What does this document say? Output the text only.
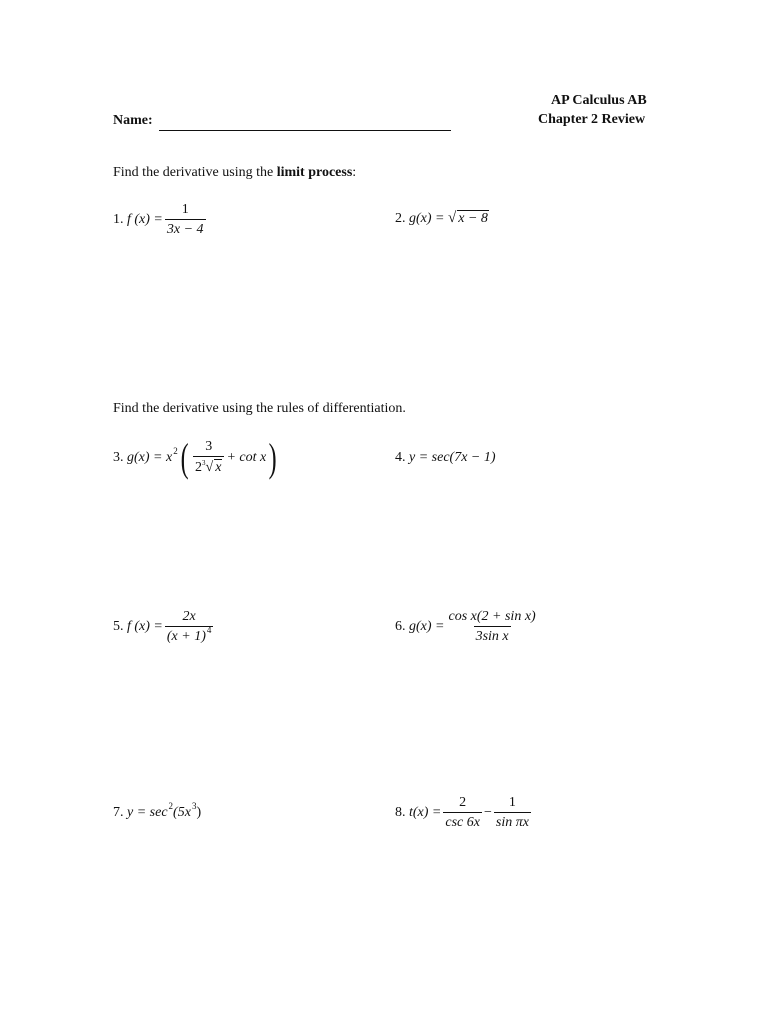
AP Calculus AB
Chapter 2 Review
Name:
Find the derivative using the limit process:
1.
f $(x) = \frac{1}{3x - 4}$	2.
g(x) =
√ x − 8
Find the derivative using the rules of differentiation.
3.
g(x) = x 2 ( $\frac{3}{2^3√ x} + \cot x$ )	4.
y = sec(7x − 1)
5.
f $(x) = \frac{2x}{(x + 1)^4}$	6.
$g(x) = \frac{\text{cos x(2 + sin x)}}{\text{3sin x}}$
7.
y = sec 2 (5x 3 )	8.
$t(x) = \frac{2}{\csc 6x} - \frac{1}{\text{sin πx}}$
